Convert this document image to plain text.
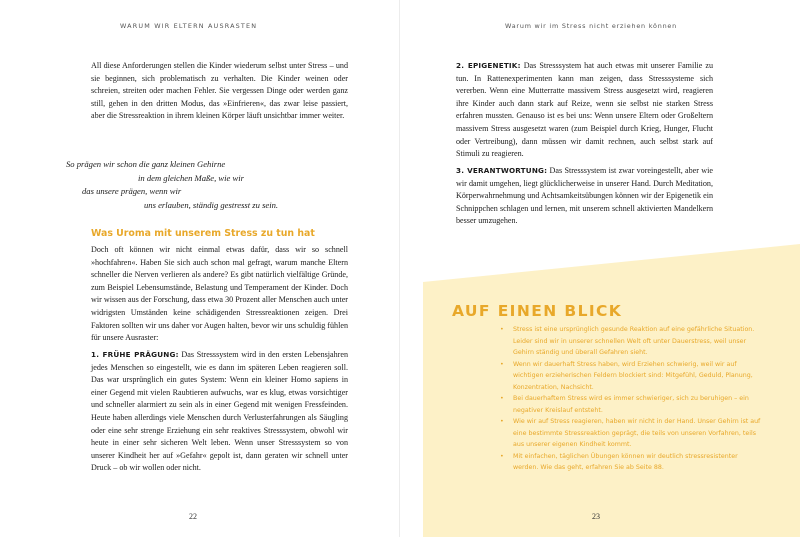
WARUM WIR ELTERN AUSRASTEN

All diese Anforderungen stellen die Kinder wiederum selbst unter Stress – und sie beginnen, sich problematisch zu verhalten. Die Kinder weinen oder schreien, streiten oder machen Fehler. Sie vergessen Dinge oder werden ganz still, gehen in den dritten Modus, das »Einfrieren«, das zwar leise passiert, aber die Stressreaktion in ihrem kleinen Körper läuft unsichtbar immer weiter.

So prägen wir schon die ganz kleinen Gehirne
in dem gleichen Maße, wie wir
das unsere prägen, wenn wir
uns erlauben, ständig gestresst zu sein.
Was Uroma mit unserem Stress zu tun hat

Doch oft können wir nicht einmal etwas dafür, dass wir so schnell »hochfahren«. Haben Sie sich auch schon mal gefragt, warum manche Eltern schneller die Nerven verlieren als andere? Es gibt natürlich vielfältige Gründe, zum Beispiel Lebensumstände, Belastung und Temperament der Kinder. Doch wir wissen aus der Forschung, dass etwa 30 Prozent aller Menschen auch unter widrigsten Umständen keine schädigenden Stressreaktionen zeigen. Drei Faktoren sollten wir uns daher vor Augen halten, bevor wir uns schuldig fühlen für unsere Ausraster:

1. FRÜHE PRÄGUNG: Das Stresssystem wird in den ersten Lebensjahren jedes Menschen so eingestellt, wie es dann im späteren Leben reagieren soll. Das war ursprünglich ein gutes System: Wenn ein kleiner Homo sapiens in einer Gegend mit vielen Raubtieren aufwuchs, war es klug, etwas vorsichtiger und schneller alarmiert zu sein als in einer Gegend mit wenigen Fressfeinden. Heute haben allerdings viele Menschen durch Verlusterfahrungen als Säugling oder eine sehr strenge Erziehung ein sehr reaktives Stresssystem, obwohl wir heute in einer sehr sicheren Welt leben. Wenn unser Stresssystem so von unserer Kindheit her auf »Gefahr« gepolt ist, dann geraten wir schnell unter Druck – ob wir wollen oder nicht.

22
Warum wir im Stress nicht erziehen können

2. EPIGENETIK: Das Stresssystem hat auch etwas mit unserer Familie zu tun. In Rattenexperimenten kann man zeigen, dass Stresssysteme sich vererben. Wenn eine Mutterratte massivem Stress ausgesetzt wird, reagieren ihre Kinder auch dann stark auf Reize, wenn sie selbst nie starken Stress erfahren mussten. Genauso ist es bei uns: Wenn unsere Eltern oder Großeltern massivem Stress ausgesetzt waren (zum Beispiel durch Krieg, Hunger, Flucht oder Vertreibung), dann müssen wir damit rechnen, auch selbst stark auf Stimuli zu reagieren.

3. VERANTWORTUNG: Das Stresssystem ist zwar voreingestellt, aber wie wir damit umgehen, liegt glücklicherweise in unserer Hand. Durch Meditation, Körperwahrnehmung und Achtsamkeitsübungen können wir der Epigenetik ein Schnippchen schlagen und lernen, mit unserem schnell aktivierten Mandelkern besser umzugehen.

AUF EINEN BLICK
• Stress ist eine ursprünglich gesunde Reaktion auf eine gefährliche Situation. Leider sind wir in unserer schnellen Welt oft unter Dauerstress, weil unser Gehirn ständig und überall Gefahren sieht.
• Wenn wir dauerhaft Stress haben, wird Erziehen schwierig, weil wir auf wichtigen erzieherischen Feldern blockiert sind: Mitgefühl, Geduld, Planung, Konzentration, Nachsicht.
• Bei dauerhaftem Stress wird es immer schwieriger, sich zu beruhigen – ein negativer Kreislauf entsteht.
• Wie wir auf Stress reagieren, haben wir nicht in der Hand. Unser Gehirn ist auf eine bestimmte Stressreaktion geprägt, die teils von unseren Vorfahren, teils aus unserer eigenen Kindheit kommt.
• Mit einfachen, täglichen Übungen können wir deutlich stressresistenter werden. Wie das geht, erfahren Sie ab Seite 88.
23
